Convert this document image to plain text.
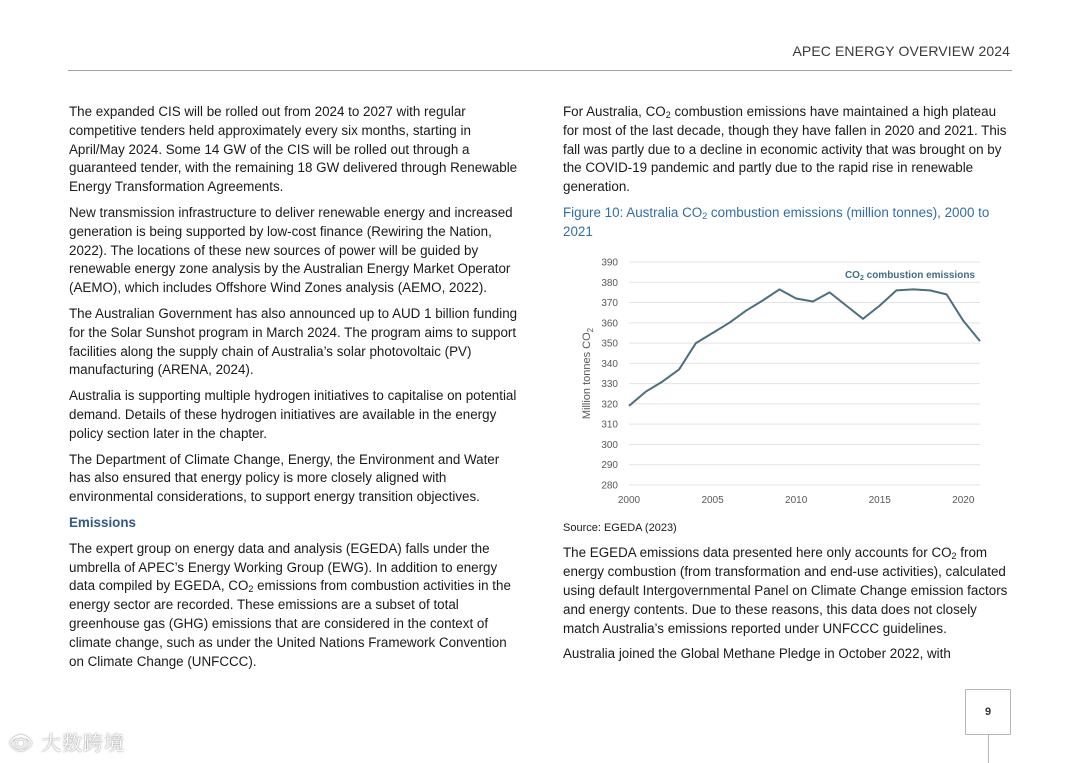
APEC ENERGY OVERVIEW 2024

The expanded CIS will be rolled out from 2024 to 2027 with regular competitive tenders held approximately every six months, starting in April/May 2024. Some 14 GW of the CIS will be rolled out through a guaranteed tender, with the remaining 18 GW delivered through Renewable Energy Transformation Agreements.

New transmission infrastructure to deliver renewable energy and increased generation is being supported by low-cost finance (Rewiring the Nation, 2022). The locations of these new sources of power will be guided by renewable energy zone analysis by the Australian Energy Market Operator (AEMO), which includes Offshore Wind Zones analysis (AEMO, 2022).

The Australian Government has also announced up to AUD 1 billion funding for the Solar Sunshot program in March 2024. The program aims to support facilities along the supply chain of Australia’s solar photovoltaic (PV) manufacturing (ARENA, 2024).

Australia is supporting multiple hydrogen initiatives to capitalise on potential demand. Details of these hydrogen initiatives are available in the energy policy section later in the chapter.

The Department of Climate Change, Energy, the Environment and Water has also ensured that energy policy is more closely aligned with environmental considerations, to support energy transition objectives.

Emissions

The expert group on energy data and analysis (EGEDA) falls under the umbrella of APEC’s Energy Working Group (EWG). In addition to energy data compiled by EGEDA, $CO_2$ emissions from combustion activities in the energy sector are recorded. These emissions are a subset of total greenhouse gas (GHG) emissions that are considered in the context of climate change, such as under the United Nations Framework Convention on Climate Change (UNFCCC).

For Australia, $CO_2$ combustion emissions have maintained a high plateau for most of the last decade, though they have fallen in 2020 and 2021. This fall was partly due to a decline in economic activity that was brought on by the COVID-19 pandemic and partly due to the rapid rise in renewable generation.

Figure 10: Australia $CO_2$ combustion emissions (million tonnes), 2000 to 2021

280
290
300
310
320
330
340
350
360
370
380
390
2000	2005	2010	2015	2020
Million tonnes $CO_2$
$CO_2$ combustion emissions

Source: EGEDA (2023)

The EGEDA emissions data presented here only accounts for $CO_2$ from energy combustion (from transformation and end-use activities), calculated using default Intergovernmental Panel on Climate Change emission factors and energy contents. Due to these reasons, this data does not closely match Australia’s emissions reported under UNFCCC guidelines.

Australia joined the Global Methane Pledge in October 2022, with

9
👁︎ 大数跨境
